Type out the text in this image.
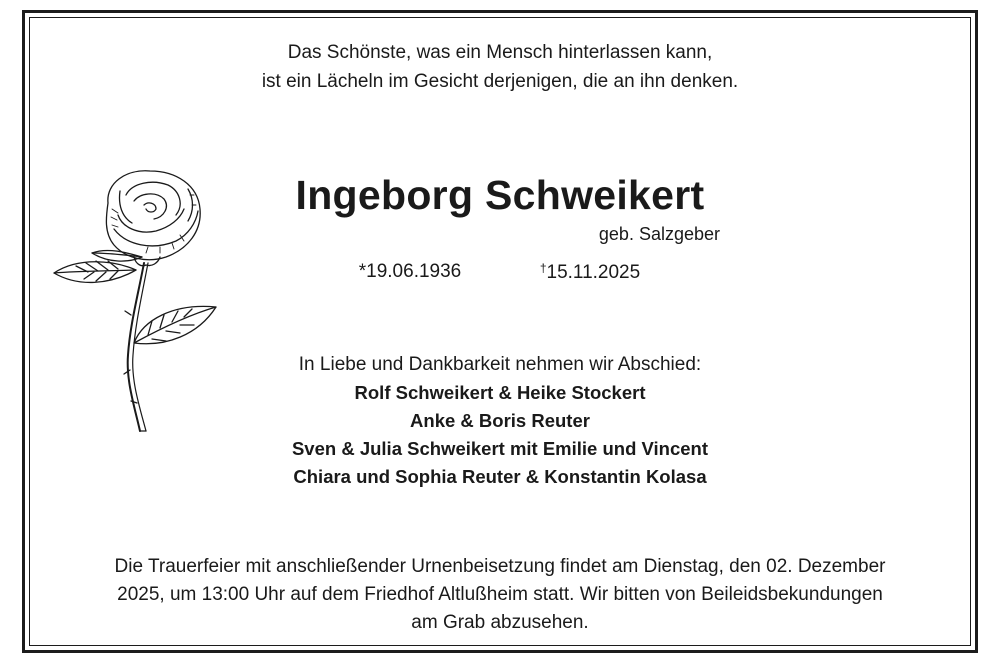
Das Schönste, was ein Mensch hinterlassen kann,
ist ein Lächeln im Gesicht derjenigen, die an ihn denken.
Ingeborg Schweikert
geb. Salzgeber
*19.06.1936	†15.11.2025
In Liebe und Dankbarkeit nehmen wir Abschied:
Rolf Schweikert & Heike Stockert
Anke & Boris Reuter
Sven & Julia Schweikert mit Emilie und Vincent
Chiara und Sophia Reuter & Konstantin Kolasa
Die Trauerfeier mit anschließender Urnenbeisetzung findet am Dienstag, den 02. Dezember
2025, um 13:00 Uhr auf dem Friedhof Altlußheim statt. Wir bitten von Beileidsbekundungen
am Grab abzusehen.
